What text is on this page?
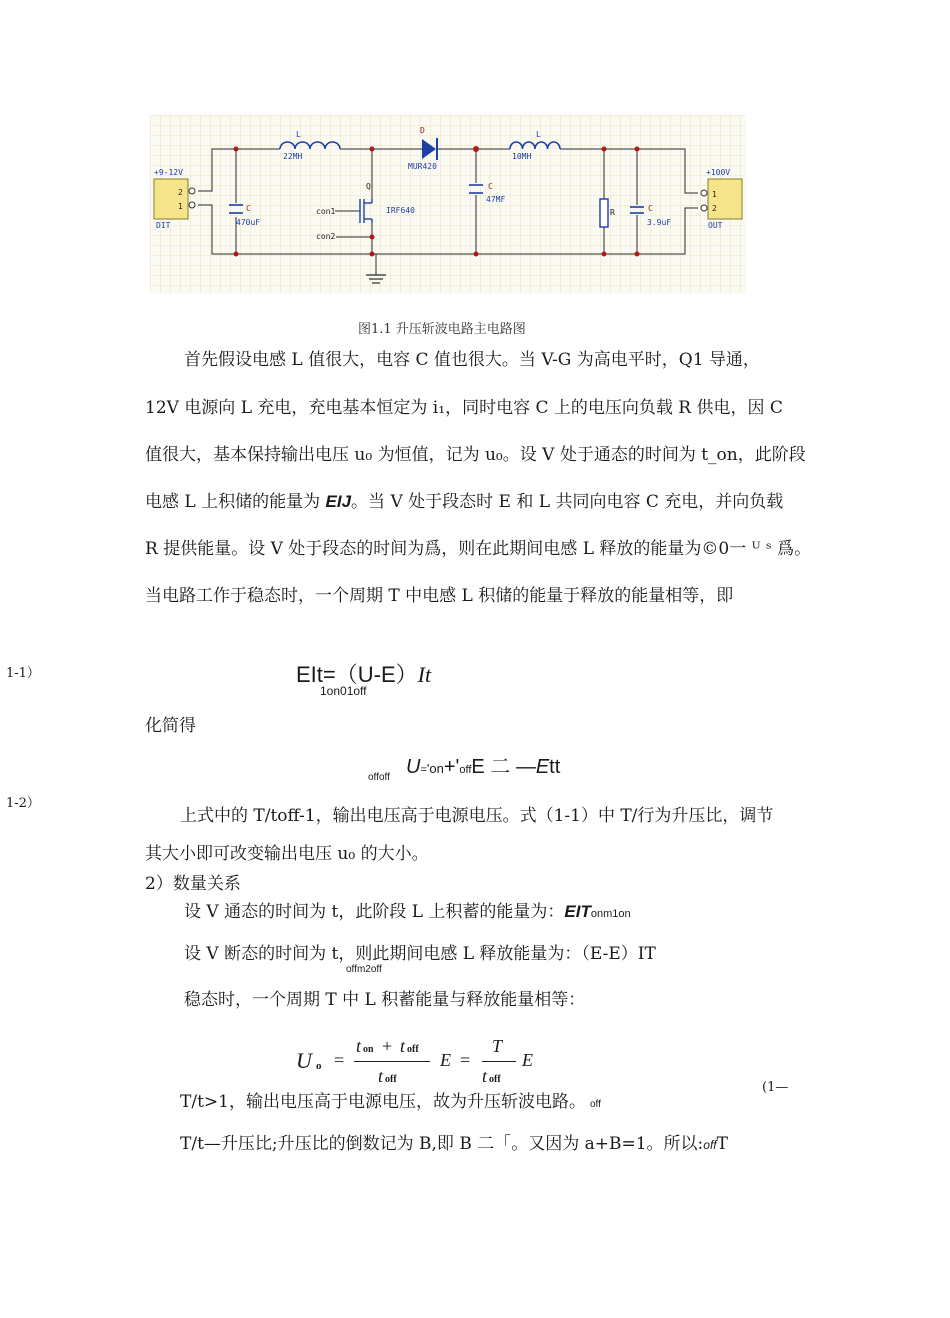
+9-12V
2
1
DIT
L
22MH
D
MUR420
L
10MH
Q
IRF640
con1
con2
C
470uF
C
47MF
R	C
3.9uF
+100V
1
2
OUT
图1.1 升压斩波电路主电路图
首先假设电感 L 值很大，电容 C 值也很大。当 V-G 为高电平时，Q1 导通，
12V 电源向 L 充电，充电基本恒定为 i₁，同时电容 C 上的电压向负载 R 供电，因 C
值很大，基本保持输出电压 u₀ 为恒值，记为 u₀。设 V 处于通态的时间为 t_on，此阶段
电感 L 上积储的能量为 EIJ。当 V 处于段态时 E 和 L 共同向电容 C 充电，并向负载
R 提供能量。设 V 处于段态的时间为爲，则在此期间电感 L 释放的能量为©0一 ᵁ ˢ 爲。
当电路工作于稳态时，一个周期 T 中电感 L 积储的能量于释放的能量相等，即
1-1）	EIt=（U-E）It
1on01off
化简得
U='on+'offE 二 —Ett
offoff
1-2）
上式中的 T/toff-1，输出电压高于电源电压。式（1-1）中 T/行为升压比，调节
其大小即可改变输出电压 u₀ 的大小。
2）数量关系
设 V 通态的时间为 t，此阶段 L 上积蓄的能量为：EITonm1on
设 V 断态的时间为 t，则此期间电感 L 释放能量为：（E-E）IT
offm2off
稳态时，一个周期 T 中 L 积蓄能量与释放能量相等：
U o =
t on + t off
t off
E =
T
t off
E
(1—
T/t>1，输出电压高于电源电压，故为升压斩波电路。 off
T/t—升压比;升压比的倒数记为 B,即 B 二「。又因为 a+B=1。所以:offT
